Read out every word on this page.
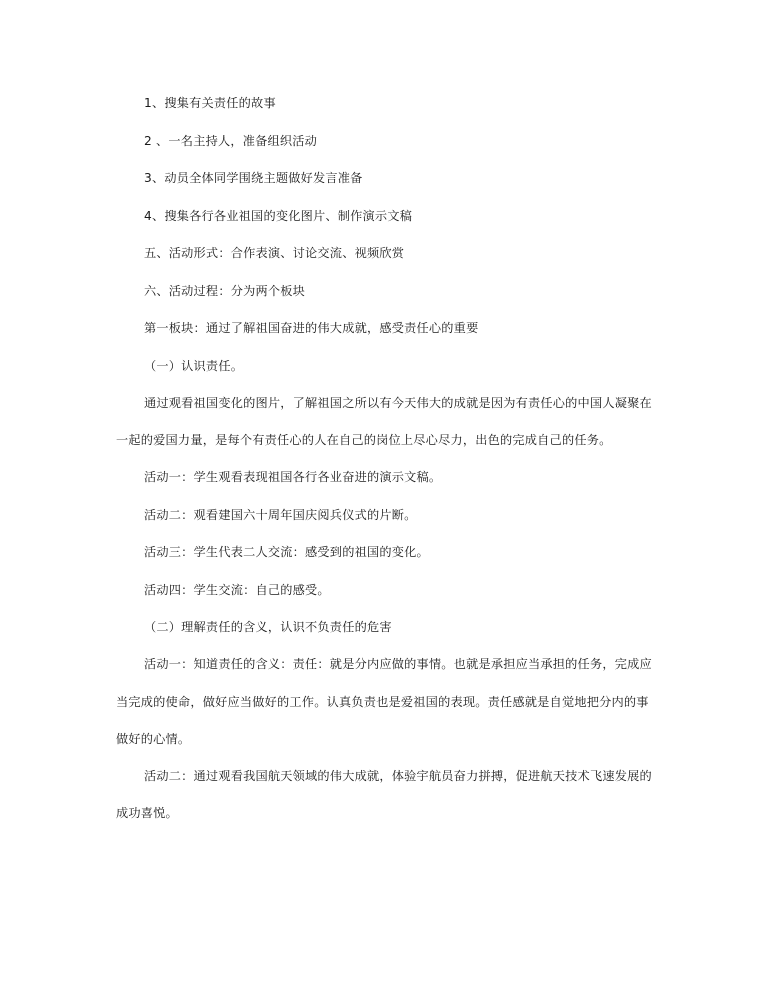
1、搜集有关责任的故事

2 、一名主持人，准备组织活动

3、动员全体同学围绕主题做好发言准备

4、搜集各行各业祖国的变化图片、制作演示文稿

五、活动形式：合作表演、讨论交流、视频欣赏

六、活动过程：分为两个板块

第一板块：通过了解祖国奋进的伟大成就，感受责任心的重要

（一）认识责任。

通过观看祖国变化的图片，了解祖国之所以有今天伟大的成就是因为有责任心的中国人凝聚在一起的爱国力量，是每个有责任心的人在自己的岗位上尽心尽力，出色的完成自己的任务。

活动一：学生观看表现祖国各行各业奋进的演示文稿。

活动二：观看建国六十周年国庆阅兵仪式的片断。

活动三：学生代表二人交流：感受到的祖国的变化。

活动四：学生交流：自己的感受。

（二）理解责任的含义，认识不负责任的危害

活动一：知道责任的含义：责任：就是分内应做的事情。也就是承担应当承担的任务，完成应当完成的使命，做好应当做好的工作。认真负责也是爱祖国的表现。责任感就是自觉地把分内的事做好的心情。

活动二：通过观看我国航天领域的伟大成就，体验宇航员奋力拼搏，促进航天技术飞速发展的成功喜悦。
